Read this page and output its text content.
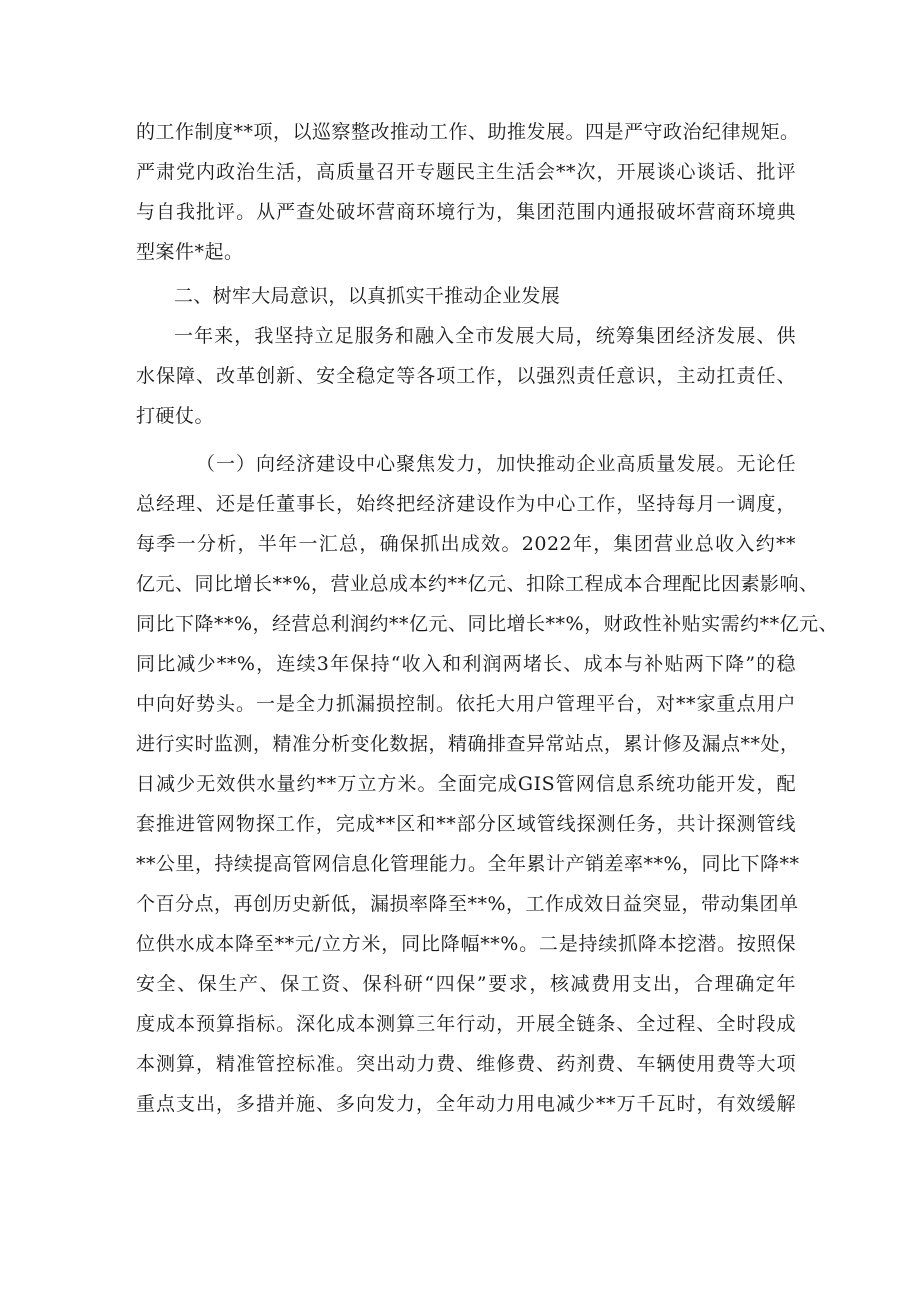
的工作制度**项，以巡察整改推动工作、助推发展。四是严守政治纪律规矩。
严肃党内政治生活，高质量召开专题民主生活会**次，开展谈心谈话、批评
与自我批评。从严查处破坏营商环境行为，集团范围内通报破坏营商环境典
型案件*起。
二、树牢大局意识，以真抓实干推动企业发展
一年来，我坚持立足服务和融入全市发展大局，统筹集团经济发展、供
水保障、改革创新、安全稳定等各项工作，以强烈责任意识，主动扛责任、
打硬仗。
（一）向经济建设中心聚焦发力，加快推动企业高质量发展。无论任
总经理、还是任董事长，始终把经济建设作为中心工作，坚持每月一调度，
每季一分析，半年一汇总，确保抓出成效。2022年，集团营业总收入约**
亿元、同比增长**%，营业总成本约**亿元、扣除工程成本合理配比因素影响、
同比下降**%，经营总利润约**亿元、同比增长**%，财政性补贴实需约**亿元、
同比减少**%，连续3年保持“收入和利润两堵长、成本与补贴两下降”的稳
中向好势头。一是全力抓漏损控制。依托大用户管理平台，对**家重点用户
进行实时监测，精准分析变化数据，精确排查异常站点，累计修及漏点**处，
日减少无效供水量约**万立方米。全面完成GIS管网信息系统功能开发，配
套推进管网物探工作，完成**区和**部分区域管线探测任务，共计探测管线
**公里，持续提高管网信息化管理能力。全年累计产销差率**%，同比下降**
个百分点，再创历史新低，漏损率降至**%，工作成效日益突显，带动集团单
位供水成本降至**元/立方米，同比降幅**%。二是持续抓降本挖潜。按照保
安全、保生产、保工资、保科研“四保”要求，核减费用支出，合理确定年
度成本预算指标。深化成本测算三年行动，开展全链条、全过程、全时段成
本测算，精准管控标准。突出动力费、维修费、药剂费、车辆使用费等大项
重点支出，多措并施、多向发力，全年动力用电减少**万千瓦时，有效缓解
